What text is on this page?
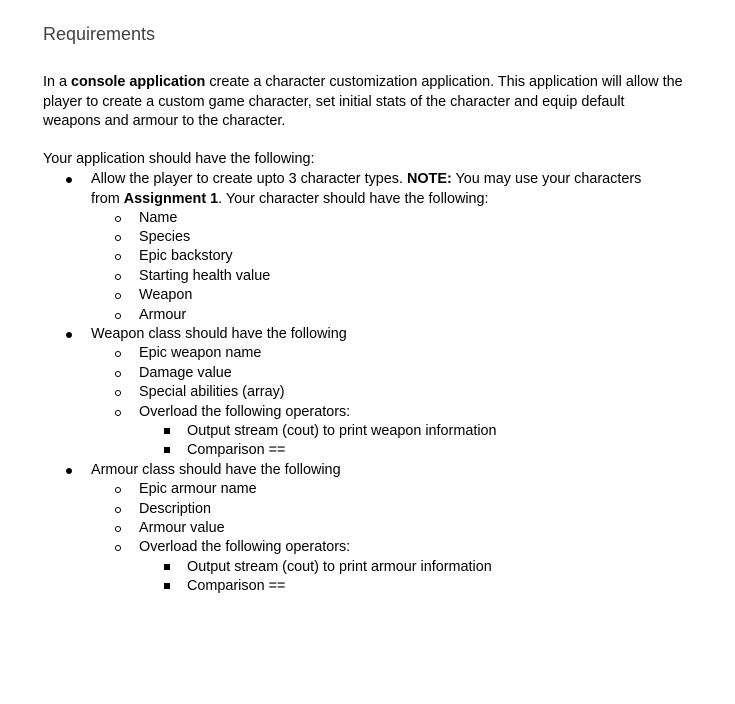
Requirements

In a console application create a character customization application. This application will allow the player to create a custom game character, set initial stats of the character and equip default weapons and armour to the character.

Your application should have the following:

Allow the player to create upto 3 character types. NOTE: You may use your characters from Assignment 1. Your character should have the following:
Name
Species
Epic backstory
Starting health value
Weapon
Armour
Weapon class should have the following
Epic weapon name
Damage value
Special abilities (array)
Overload the following operators:
Output stream (cout) to print weapon information
Comparison ==
Armour class should have the following
Epic armour name
Description
Armour value
Overload the following operators:
Output stream (cout) to print armour information
Comparison ==
